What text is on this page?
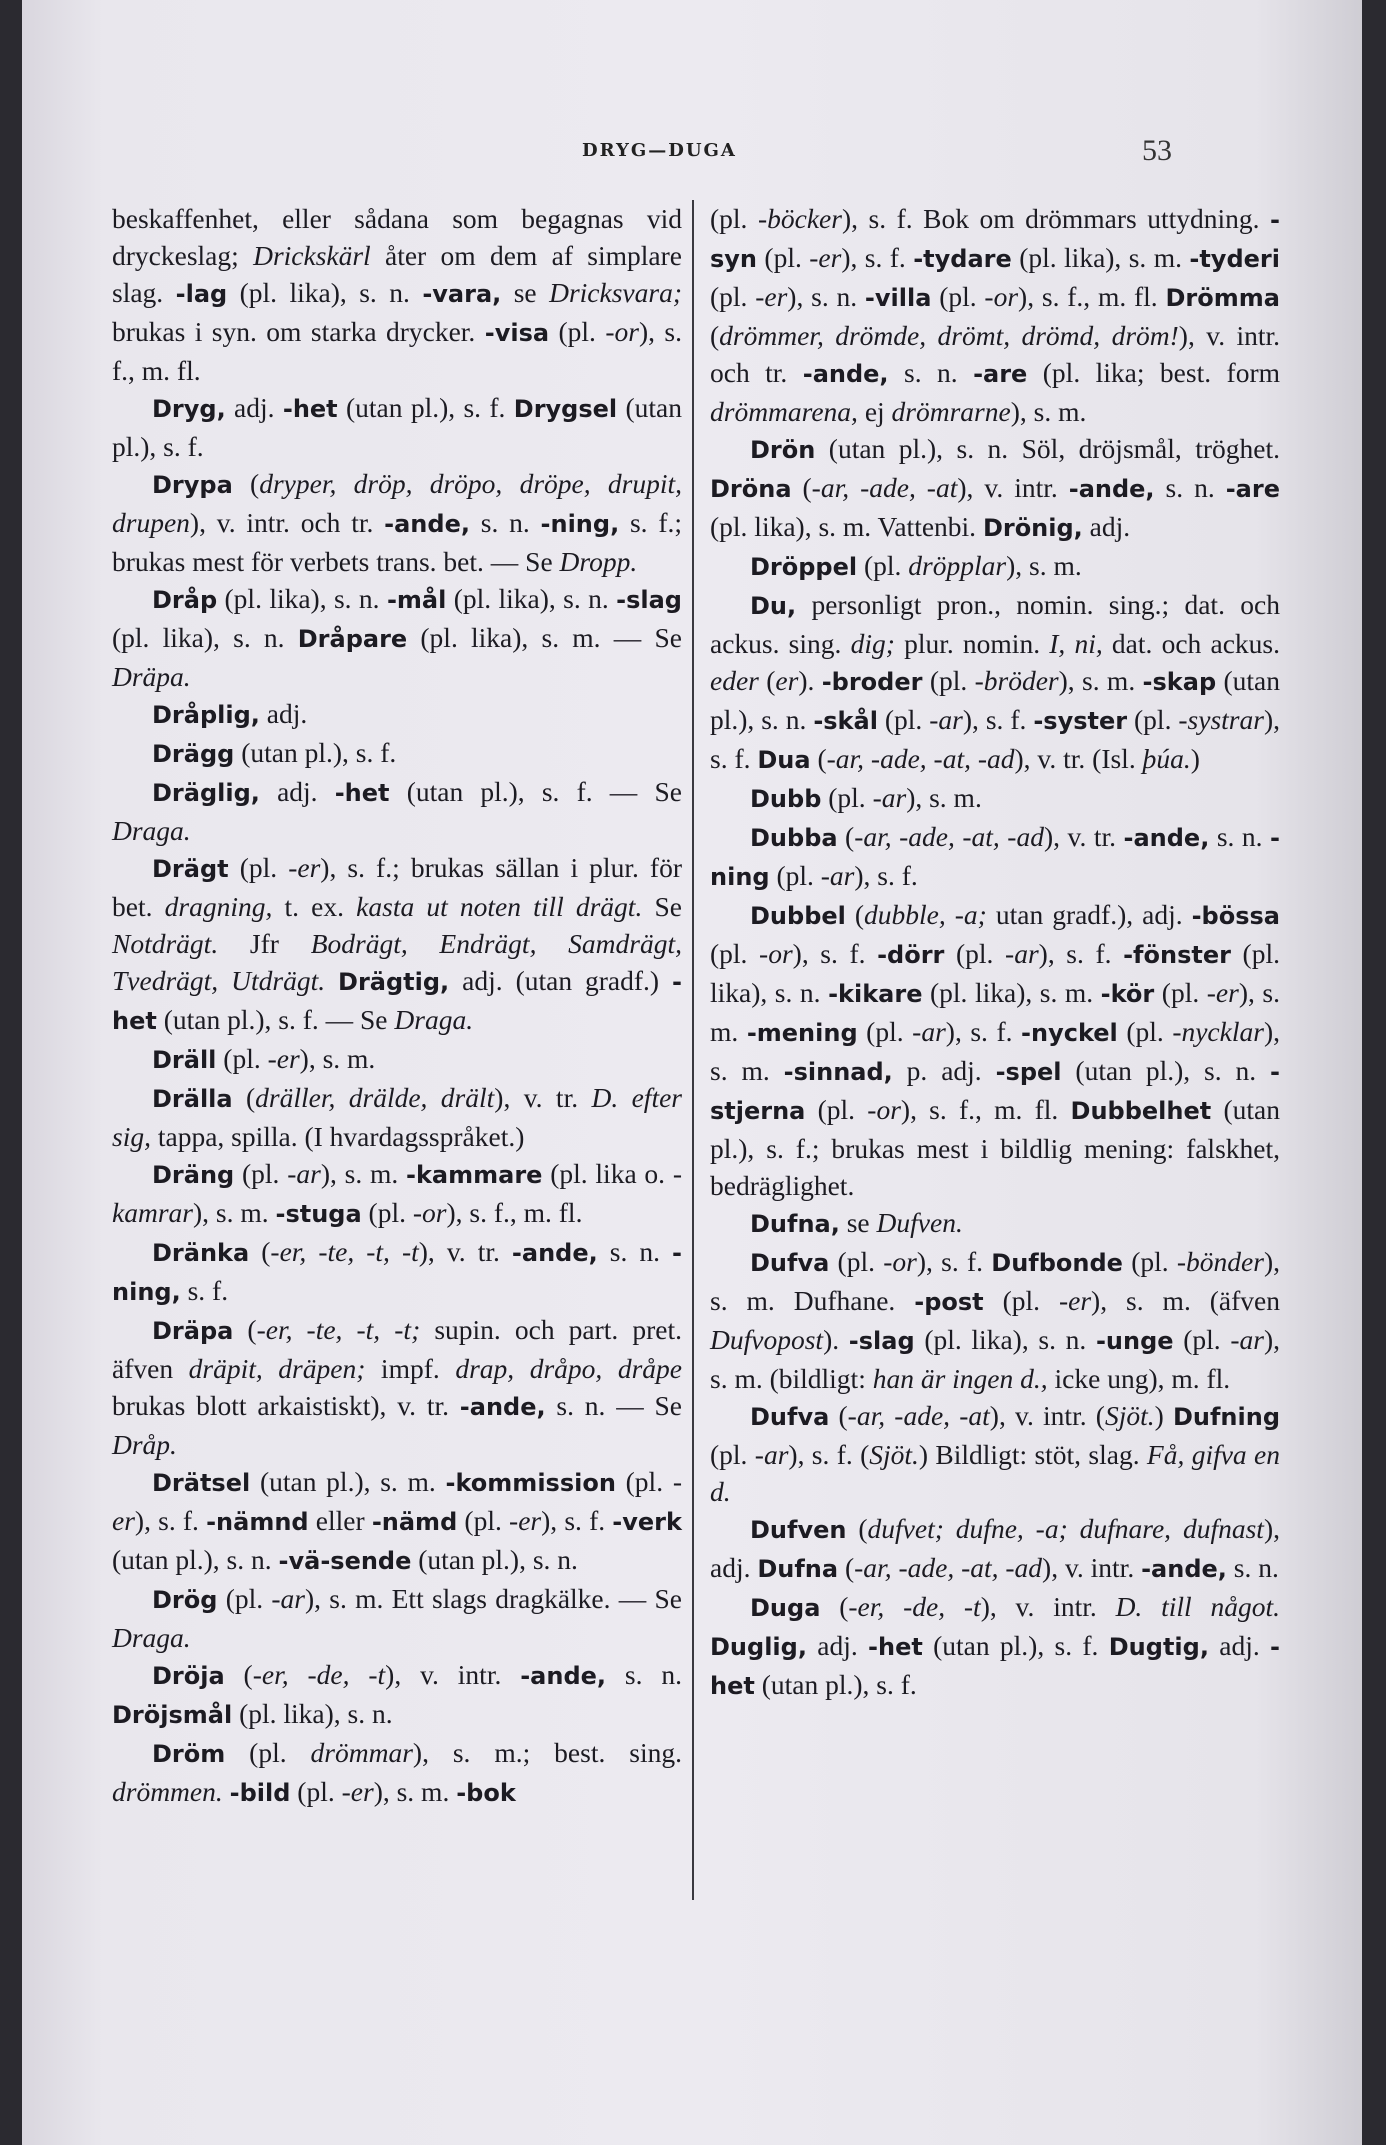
DRYG—DUGA	53

beskaffenhet, eller sådana som begagnas vid dryckeslag; Drickskärl åter om dem af simplare slag. -lag (pl. lika), s. n. -vara, se Dricksvara; brukas i syn. om starka drycker. -visa (pl. -or), s. f., m. fl.

Dryg, adj. -het (utan pl.), s. f. Drygsel (utan pl.), s. f.

Drypa (dryper, dröp, dröpo, dröpe, drupit, drupen), v. intr. och tr. -ande, s. n. -ning, s. f.; brukas mest för verbets trans. bet. — Se Dropp.

Dråp (pl. lika), s. n. -mål (pl. lika), s. n. -slag (pl. lika), s. n. Dråpare (pl. lika), s. m. — Se Dräpa.

Dråplig, adj.

Drägg (utan pl.), s. f.

Dräglig, adj. -het (utan pl.), s. f. — Se Draga.

Drägt (pl. -er), s. f.; brukas sällan i plur. för bet. dragning, t. ex. kasta ut noten till drägt. Se Notdrägt. Jfr Bodrägt, Endrägt, Samdrägt, Tvedrägt, Utdrägt. Drägtig, adj. (utan gradf.) -het (utan pl.), s. f. — Se Draga.

Dräll (pl. -er), s. m.

Drälla (dräller, drälde, drält), v. tr. D. efter sig, tappa, spilla. (I hvardagsspråket.)

Dräng (pl. -ar), s. m. -kammare (pl. lika o. -kamrar), s. m. -stuga (pl. -or), s. f., m. fl.

Dränka (-er, -te, -t, -t), v. tr. -ande, s. n. -ning, s. f.

Dräpa (-er, -te, -t, -t; supin. och part. pret. äfven dräpit, dräpen; impf. drap, dråpo, dråpe brukas blott arkaistiskt), v. tr. -ande, s. n. — Se Dråp.

Drätsel (utan pl.), s. m. -kommission (pl. -er), s. f. -nämnd eller -nämd (pl. -er), s. f. -verk (utan pl.), s. n. -vä-sende (utan pl.), s. n.

Drög (pl. -ar), s. m. Ett slags dragkälke. — Se Draga.

Dröja (-er, -de, -t), v. intr. -ande, s. n. Dröjsmål (pl. lika), s. n.

Dröm (pl. drömmar), s. m.; best. sing. drömmen. -bild (pl. -er), s. m. -bok

(pl. -böcker), s. f. Bok om drömmars uttydning. -syn (pl. -er), s. f. -tydare (pl. lika), s. m. -tyderi (pl. -er), s. n. -villa (pl. -or), s. f., m. fl. Drömma (drömmer, drömde, drömt, drömd, dröm!), v. intr. och tr. -ande, s. n. -are (pl. lika; best. form drömmarena, ej drömrarne), s. m.

Drön (utan pl.), s. n. Söl, dröjsmål, tröghet. Dröna (-ar, -ade, -at), v. intr. -ande, s. n. -are (pl. lika), s. m. Vattenbi. Drönig, adj.

Dröppel (pl. dröpplar), s. m.

Du, personligt pron., nomin. sing.; dat. och ackus. sing. dig; plur. nomin. I, ni, dat. och ackus. eder (er). -broder (pl. -bröder), s. m. -skap (utan pl.), s. n. -skål (pl. -ar), s. f. -syster (pl. -systrar), s. f. Dua (-ar, -ade, -at, -ad), v. tr. (Isl. þúa.)

Dubb (pl. -ar), s. m.

Dubba (-ar, -ade, -at, -ad), v. tr. -ande, s. n. -ning (pl. -ar), s. f.

Dubbel (dubble, -a; utan gradf.), adj. -bössa (pl. -or), s. f. -dörr (pl. -ar), s. f. -fönster (pl. lika), s. n. -kikare (pl. lika), s. m. -kör (pl. -er), s. m. -mening (pl. -ar), s. f. -nyckel (pl. -nycklar), s. m. -sinnad, p. adj. -spel (utan pl.), s. n. -stjerna (pl. -or), s. f., m. fl. Dubbelhet (utan pl.), s. f.; brukas mest i bildlig mening: falskhet, bedräglighet.

Dufna, se Dufven.

Dufva (pl. -or), s. f. Dufbonde (pl. -bönder), s. m. Dufhane. -post (pl. -er), s. m. (äfven Dufvopost). -slag (pl. lika), s. n. -unge (pl. -ar), s. m. (bildligt: han är ingen d., icke ung), m. fl.

Dufva (-ar, -ade, -at), v. intr. (Sjöt.) Dufning (pl. -ar), s. f. (Sjöt.) Bildligt: stöt, slag. Få, gifva en d.

Dufven (dufvet; dufne, -a; dufnare, dufnast), adj. Dufna (-ar, -ade, -at, -ad), v. intr. -ande, s. n.

Duga (-er, -de, -t), v. intr. D. till något. Duglig, adj. -het (utan pl.), s. f. Dugtig, adj. -het (utan pl.), s. f.
